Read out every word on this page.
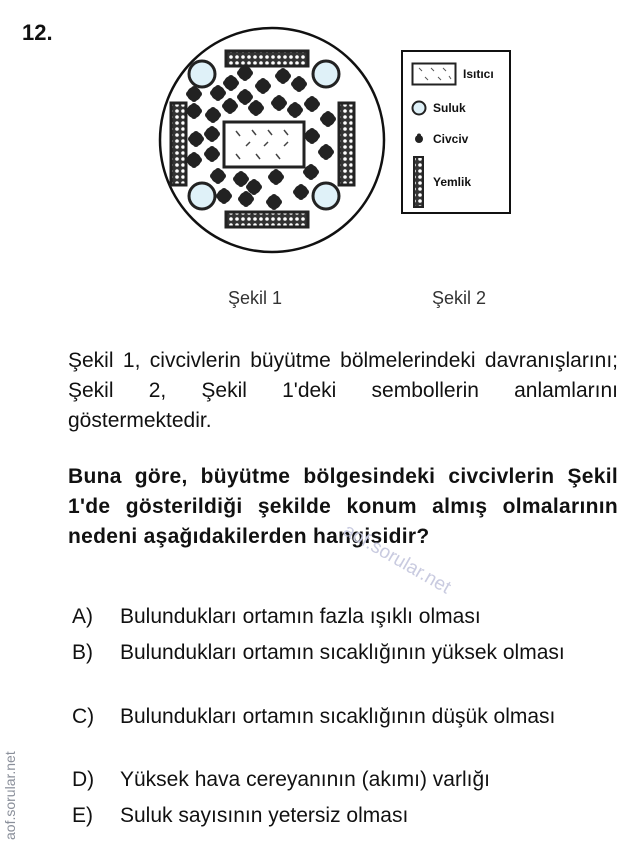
12.
Isıtıcı
Suluk
Civciv
Yemlik
Şekil 1	Şekil 2
Şekil 1, civcivlerin büyütme bölmelerindeki davranışlarını; Şekil 2, Şekil 1'deki sembollerin anlamlarını göstermektedir.
Buna göre, büyütme bölgesindeki civcivlerin Şekil 1'de gösterildiği şekilde konum almış olmalarının nedeni aşağıdakilerden hangisidir?
aof.sorular.net
A)	Bulundukları ortamın fazla ışıklı olması
B)	Bulundukları ortamın sıcaklığının yüksek olması
C)	Bulundukları ortamın sıcaklığının düşük olması
D)	Yüksek hava cereyanının (akımı) varlığı
E)	Suluk sayısının yetersiz olması
aof.sorular.net
